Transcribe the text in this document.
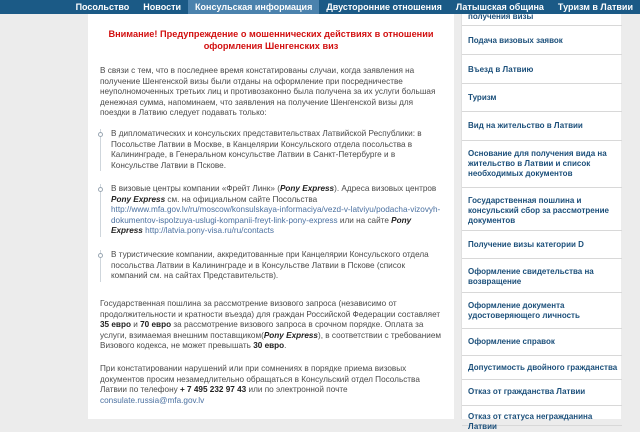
Посольство	Новости	Консульская информация	Двусторонние отношения	Латышская община	Туризм в Латвии
Внимание! Предупреждение о мошеннических действиях в отношении оформления Шенгенских виз
В связи с тем, что в последнее время констатированы случаи, когда заявления на получение Шенгенской визы были отданы на оформление при посредничестве неуполномоченных третьих лиц и противозаконно была получена за их услуги большая денежная сумма, напоминаем, что заявления на получение Шенгенской визы для поездки в Латвию следует подавать только:
В дипломатических и консульских представительствах Латвийской Республики: в Посольстве Латвии в Москве, в Канцелярии Консульского отдела посольства в Калининграде, в Генеральном консульстве Латвии в Санкт-Петербурге и в Консульстве Латвии в Пскове.
В визовые центры компании «Фрейт Линк» (Pony Express). Адреса визовых центров Pony Express см. на официальном сайте Посольства http://www.mfa.gov.lv/ru/moscow/konsulskaya-informaciya/vezd-v-latviyu/podacha-vizovyh-dokumentov-ispolzuya-uslugi-kompanii-freyt-link-pony-express или на сайте Pony Express http://latvia.pony-visa.ru/ru/contacts
В туристические компании, аккредитованные при Канцелярии Консульского отдела посольства Латвии в Калининграде и в Консульстве Латвии в Пскове (список компаний см. на сайтах Представительств).
Государственная пошлина за рассмотрение визового запроса (независимо от продолжительности и кратности въезда) для граждан Российской Федерации составляет 35 евро и 70 евро за рассмотрение визового запроса в срочном порядке. Оплата за услуги, взимаемая внешним поставщиком(Pony Express), в соответствии с требованием Визового кодекса, не может превышать 30 евро.
При констатировании нарушений или при сомнениях в порядке приема визовых документов просим незамедлительно обращаться в Консульский отдел Посольства Латвии по телефону + 7 495 232 97 43 или по электронной почте
consulate.russia@mfa.gov.lv
получения визы
Подача визовых заявок
Въезд в Латвию
Туризм
Вид на жительство в Латвии
Основание для получения вида на жительство в Латвии и список необходимых документов
Государственная пошлина и консульский сбор за рассмотрение документов
Получение визы категории D
Оформление свидетельства на возвращение
Оформление документа удостоверяющего личность
Оформление справок
Допустимость двойного гражданства
Отказ от гражданства Латвии
Отказ от статуса негражданина Латвии
